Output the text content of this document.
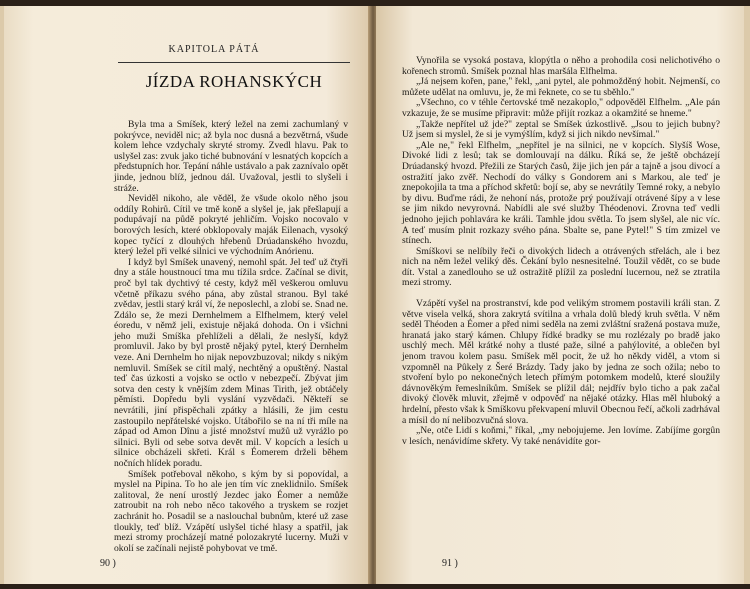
KAPITOLA PÁTÁ
JÍZDA ROHANSKÝCH

Byla tma a Smíšek, který ležel na zemi zachumlaný v pokrývce, neviděl nic; až byla noc dusná a bezvětrná, všude kolem lehce vzdychaly skryté stromy. Zvedl hlavu. Pak to uslyšel zas: zvuk jako tiché bubnování v lesnatých kopcích a předstupních hor. Tepání náhle ustávalo a pak zaznívalo opět jinde, jednou blíž, jednou dál. Uvažoval, jestli to slyšeli i stráže.

Neviděl nikoho, ale věděl, že všude okolo něho jsou oddíly Rohirů. Cítil ve tmě koně a slyšel je, jak přešlapují a podupávají na půdě pokryté jehličím. Vojsko nocovalo v borových lesích, které obklopovaly maják Eilenach, vysoký kopec tyčící z dlouhých hřebenů Drúadanského hvozdu, který ležel při velké silnici ve východním Anórienu.

I když byl Smíšek unavený, nemohl spát. Jel teď už čtyři dny a stále houstnoucí tma mu tížila srdce. Začínal se divit, proč byl tak dychtivý té cesty, když měl veškerou omluvu včetně příkazu svého pána, aby zůstal stranou. Byl také zvědav, jestli starý král ví, že neposlechl, a zlobí se. Snad ne. Zdálo se, že mezi Dernhelmem a Elfhelmem, který velel éoredu, v němž jeli, existuje nějaká dohoda. On i všichni jeho muži Smíška přehlíželi a dělali, že neslyší, když promluvil. Jako by byl prostě nějaký pytel, který Dernhelm veze. Ani Dernhelm ho nijak nepovzbuzoval; nikdy s nikým nemluvil. Smíšek se cítil malý, nechtěný a opuštěný. Nastal teď čas úzkosti a vojsko se octlo v nebezpečí. Zbývat jim sotva den cesty k vnějším zdem Minas Tirith, jež obtáčely pěmísti. Dopředu byli vyslání vyzvědači. Někteří se nevrátili, jiní přispěchali zpátky a hlásili, že jim cestu zastoupilo nepřátelské vojsko. Utábořilo se na ní tři míle na západ od Amon Dînu a jisté množství mužů už vyrážlo po silnici. Byli od sebe sotva devět mil. V kopcích a lesích u silnice obcházeli skřeti. Král s Éomerem drželi během nočních hlídek poradu.

Smíšek potřeboval někoho, s kým by si popovídal, a myslel na Pipina. To ho ale jen tím víc zneklidnilo. Smíšek zalitoval, že není urostlý Jezdec jako Éomer a nemůže zatroubit na roh nebo něco takového a tryskem se rozjet zachránit ho. Posadil se a naslouchal bubnům, které už zase tloukly, teď blíž. Vzápětí uslyšel tiché hlasy a spatřil, jak mezi stromy procházejí matné polozakryté lucerny. Muži v okolí se začínali nejistě pohybovat ve tmě.

90 )

Vynořila se vysoká postava, klopýtla o něho a prohodila cosi nelichotivého o kořenech stromů. Smíšek poznal hlas maršála Elfhelma.

„Já nejsem kořen, pane," řekl, „ani pytel, ale pohmožděný hobit. Nejmenší, co můžete udělat na omluvu, je, že mi řeknete, co se tu sběhlo."

„Všechno, co v téhle čertovské tmě nezakoplo," odpověděl Elfhelm. „Ale pán vzkazuje, že se musíme připravit: může přijít rozkaz a okamžité se hneme."

„Takže nepřítel už jde?" zeptal se Smíšek úzkostlivě. „Jsou to jejich bubny? Už jsem si myslel, že si je vymýšlím, když si jich nikdo nevšímal."

„Ale ne," řekl Elfhelm, „nepřítel je na silnici, ne v kopcích. Slyšíš Wose, Divoké lidi z lesů; tak se domlouvají na dálku. Říká se, že ještě obcházejí Drúadanský hvozd. Přežili ze Starých časů, žije jich jen pár a tajně a jsou divocí a ostražití jako zvěř. Nechodí do války s Gondorem ani s Markou, ale teď je znepokojila ta tma a příchod skřetů: bojí se, aby se nevrátily Temné roky, a nebylo by divu. Buďme rádi, že nehoní nás, protože prý používají otrávené šípy a v lese se jim nikdo nevyrovná. Nabídli ale své služby Théodenovi. Zrovna teď vedli jednoho jejich pohlavára ke králi. Tamhle jdou světla. To jsem slyšel, ale nic víc. A teď musím plnit rozkazy svého pána. Sbalte se, pane Pytel!" S tím zmizel ve stínech.

Smíškovi se nelíbily řeči o divokých lidech a otrávených střelách, ale i bez nich na něm ležel veliký děs. Čekání bylo nesnesitelné. Toužil vědět, co se bude dít. Vstal a zanedlouho se už ostražitě plížil za poslední lucernou, než se ztratila mezi stromy.

Vzápětí vyšel na prostranství, kde pod velikým stromem postavili králi stan. Z větve visela velká, shora zakrytá svítilna a vrhala dolů bledý kruh světla. V něm seděl Théoden a Éomer a před nimi seděla na zemi zvláštní sražená postava muže, hranatá jako starý kámen. Chlupy řídké bradky se mu rozlézaly po bradě jako uschlý mech. Měl krátké nohy a tlusté paže, silné a pahýlovité, a oblečen byl jenom travou kolem pasu. Smíšek měl pocit, že už ho někdy viděl, a vtom si vzpomněl na Pûkely z Šeré Brázdy. Tady jako by jedna ze soch ožila; nebo to stvoření bylo po nekonečných letech přímým potomkem modelů, které sloužily dávnověkým řemeslníkům. Smíšek se plížil dál; nejdřív bylo ticho a pak začal divoký člověk mluvit, zřejmě v odpověď na nějaké otázky. Hlas měl hluboký a hrdelní, přesto však k Smíškovu překvapení mluvil Obecnou řečí, ačkoli zadrhával a mísil do ní nelibozvučná slova.

„Ne, otče Lidí s koňmi," říkal, „my nebojujeme. Jen lovíme. Zabíjíme gorgûn v lesích, nenávidíme skřety. Vy také nenávidíte gor-

91 )
